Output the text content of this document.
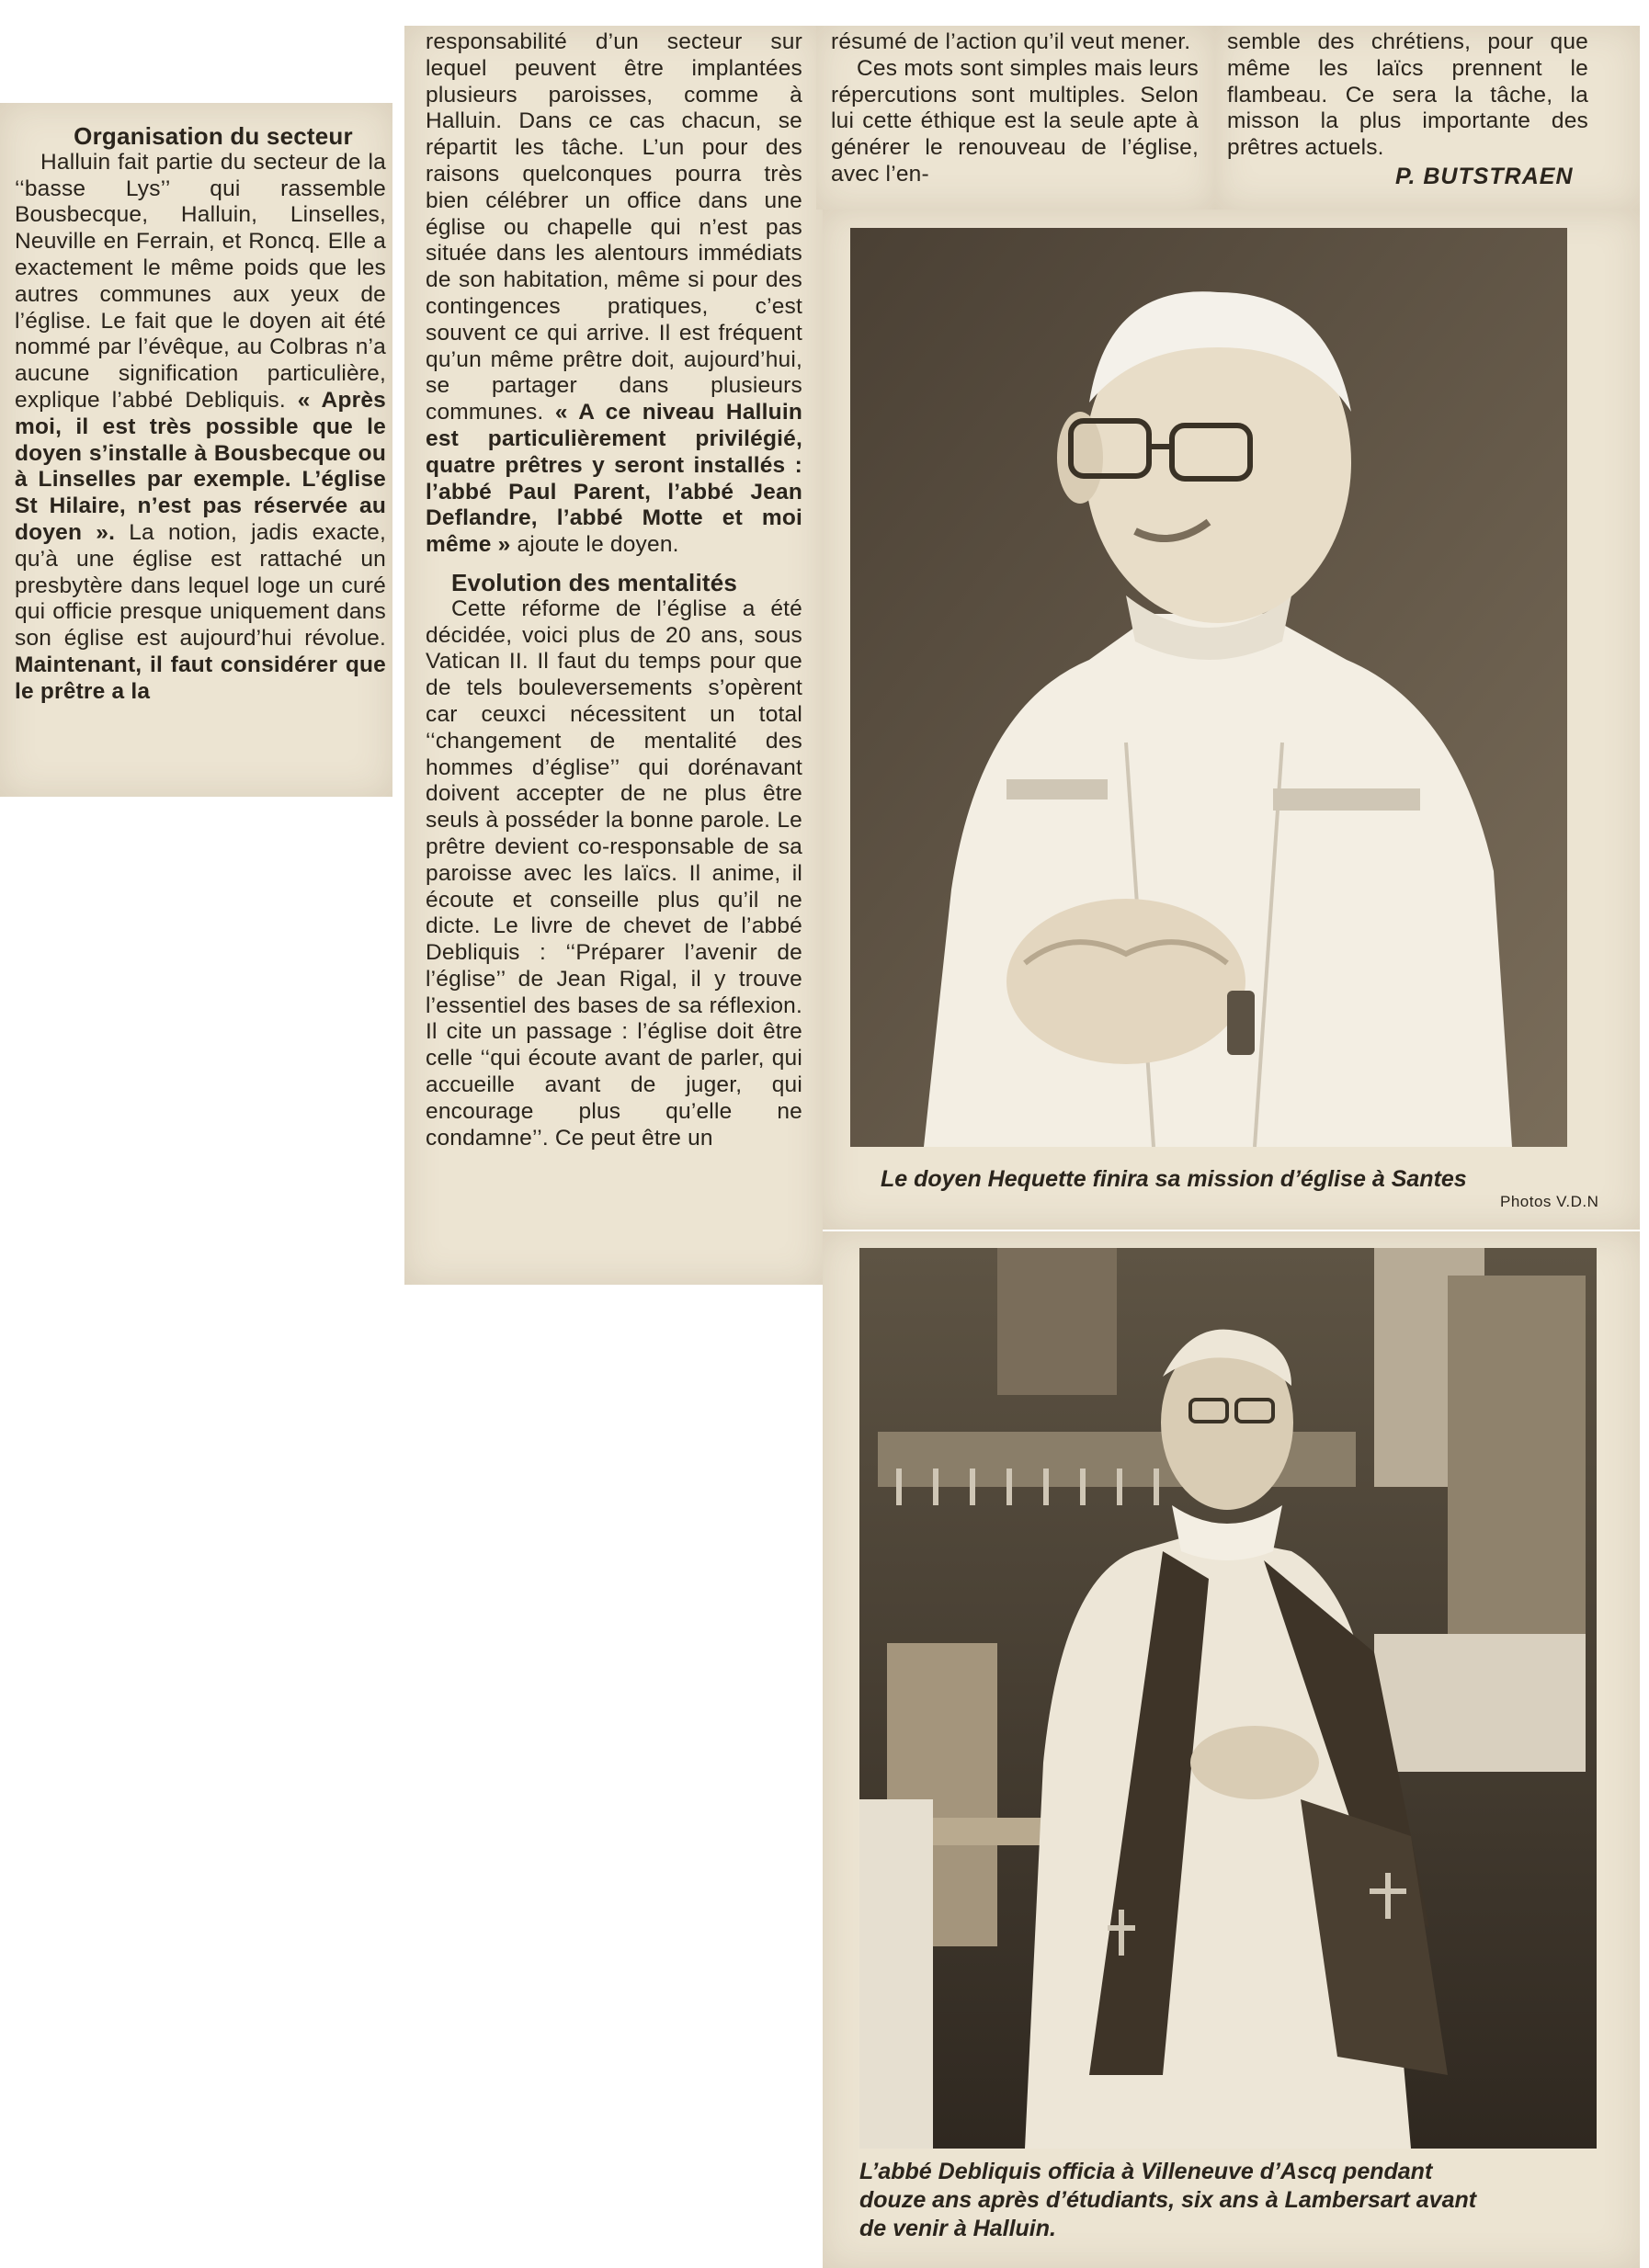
Organisation du secteur

Halluin fait partie du secteur de la ‘‘basse Lys’’ qui rassemble Bousbecque, Halluin, Linselles, Neuville en Ferrain, et Roncq. Elle a exactement le même poids que les autres communes aux yeux de l’église. Le fait que le doyen ait été nommé par l’évêque, au Colbras n’a aucune signification particulière, explique l’abbé Debliquis. « Après moi, il est très possible que le doyen s’installe à Bousbecque ou à Linselles par exemple. L’église St Hilaire, n’est pas réservée au doyen ». La notion, jadis exacte, qu’à une église est rattaché un presbytère dans lequel loge un curé qui officie presque uniquement dans son église est aujourd’hui révolue. Maintenant, il faut considérer que le prêtre a la

responsabilité d’un secteur sur lequel peuvent être implantées plusieurs paroisses, comme à Halluin. Dans ce cas chacun, se répartit les tâche. L’un pour des raisons quelconques pourra très bien célébrer un office dans une église ou chapelle qui n’est pas située dans les alentours immédiats de son habitation, même si pour des contingences pratiques, c’est souvent ce qui arrive. Il est fréquent qu’un même prêtre doit, aujourd’hui, se partager dans plusieurs communes. « A ce niveau Halluin est particulièrement privilégié, quatre prêtres y seront installés : l’abbé Paul Parent, l’abbé Jean Deflandre, l’abbé Motte et moi même » ajoute le doyen.

Evolution des mentalités

Cette réforme de l’église a été décidée, voici plus de 20 ans, sous Vatican II. Il faut du temps pour que de tels bouleversements s’opèrent car ceuxci nécessitent un total ‘‘changement de mentalité des hommes d’église’’ qui dorénavant doivent accepter de ne plus être seuls à posséder la bonne parole. Le prêtre devient co-responsable de sa paroisse avec les laïcs. Il anime, il écoute et conseille plus qu’il ne dicte. Le livre de chevet de l’abbé Debliquis : ‘‘Préparer l’avenir de l’église’’ de Jean Rigal, il y trouve l’essentiel des bases de sa réflexion. Il cite un passage : l’église doit être celle ‘‘qui écoute avant de parler, qui accueille avant de juger, qui encourage plus qu’elle ne condamne’’. Ce peut être un

résumé de l’action qu’il veut mener.

Ces mots sont simples mais leurs répercutions sont multiples. Selon lui cette éthique est la seule apte à générer le renouveau de l’église, avec l’en-

semble des chrétiens, pour que même les laïcs prennent le flambeau. Ce sera la tâche, la misson la plus importante des prêtres actuels.

P. BUTSTRAEN
Le doyen Hequette finira sa mission d’église à Santes
Photos V.D.N
L’abbé Debliquis officia à Villeneuve d’Ascq pendant
douze ans après d’étudiants, six ans à Lambersart avant
de venir à Halluin.
